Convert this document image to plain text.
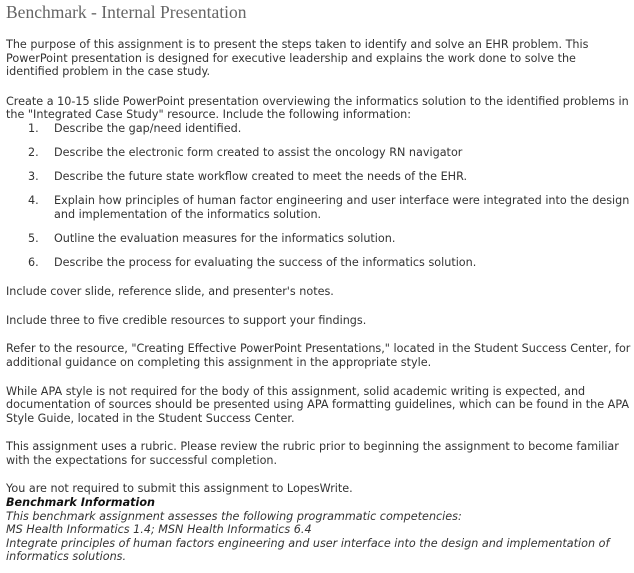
Benchmark - Internal Presentation

The purpose of this assignment is to present the steps taken to identify and solve an EHR problem. This PowerPoint presentation is designed for executive leadership and explains the work done to solve the identified problem in the case study.

Create a 10-15 slide PowerPoint presentation overviewing the informatics solution to the identified problems in the "Integrated Case Study" resource. Include the following information:

1. Describe the gap/need identified.
2. Describe the electronic form created to assist the oncology RN navigator
3. Describe the future state workflow created to meet the needs of the EHR.
4. Explain how principles of human factor engineering and user interface were integrated into the design and implementation of the informatics solution.
5. Outline the evaluation measures for the informatics solution.
6. Describe the process for evaluating the success of the informatics solution.

Include cover slide, reference slide, and presenter's notes.

Include three to five credible resources to support your findings.

Refer to the resource, "Creating Effective PowerPoint Presentations," located in the Student Success Center, for additional guidance on completing this assignment in the appropriate style.

While APA style is not required for the body of this assignment, solid academic writing is expected, and documentation of sources should be presented using APA formatting guidelines, which can be found in the APA Style Guide, located in the Student Success Center.

This assignment uses a rubric. Please review the rubric prior to beginning the assignment to become familiar with the expectations for successful completion.

You are not required to submit this assignment to LopesWrite.

Benchmark Information
This benchmark assignment assesses the following programmatic competencies:
MS Health Informatics 1.4; MSN Health Informatics 6.4
Integrate principles of human factors engineering and user interface into the design and implementation of informatics solutions.
